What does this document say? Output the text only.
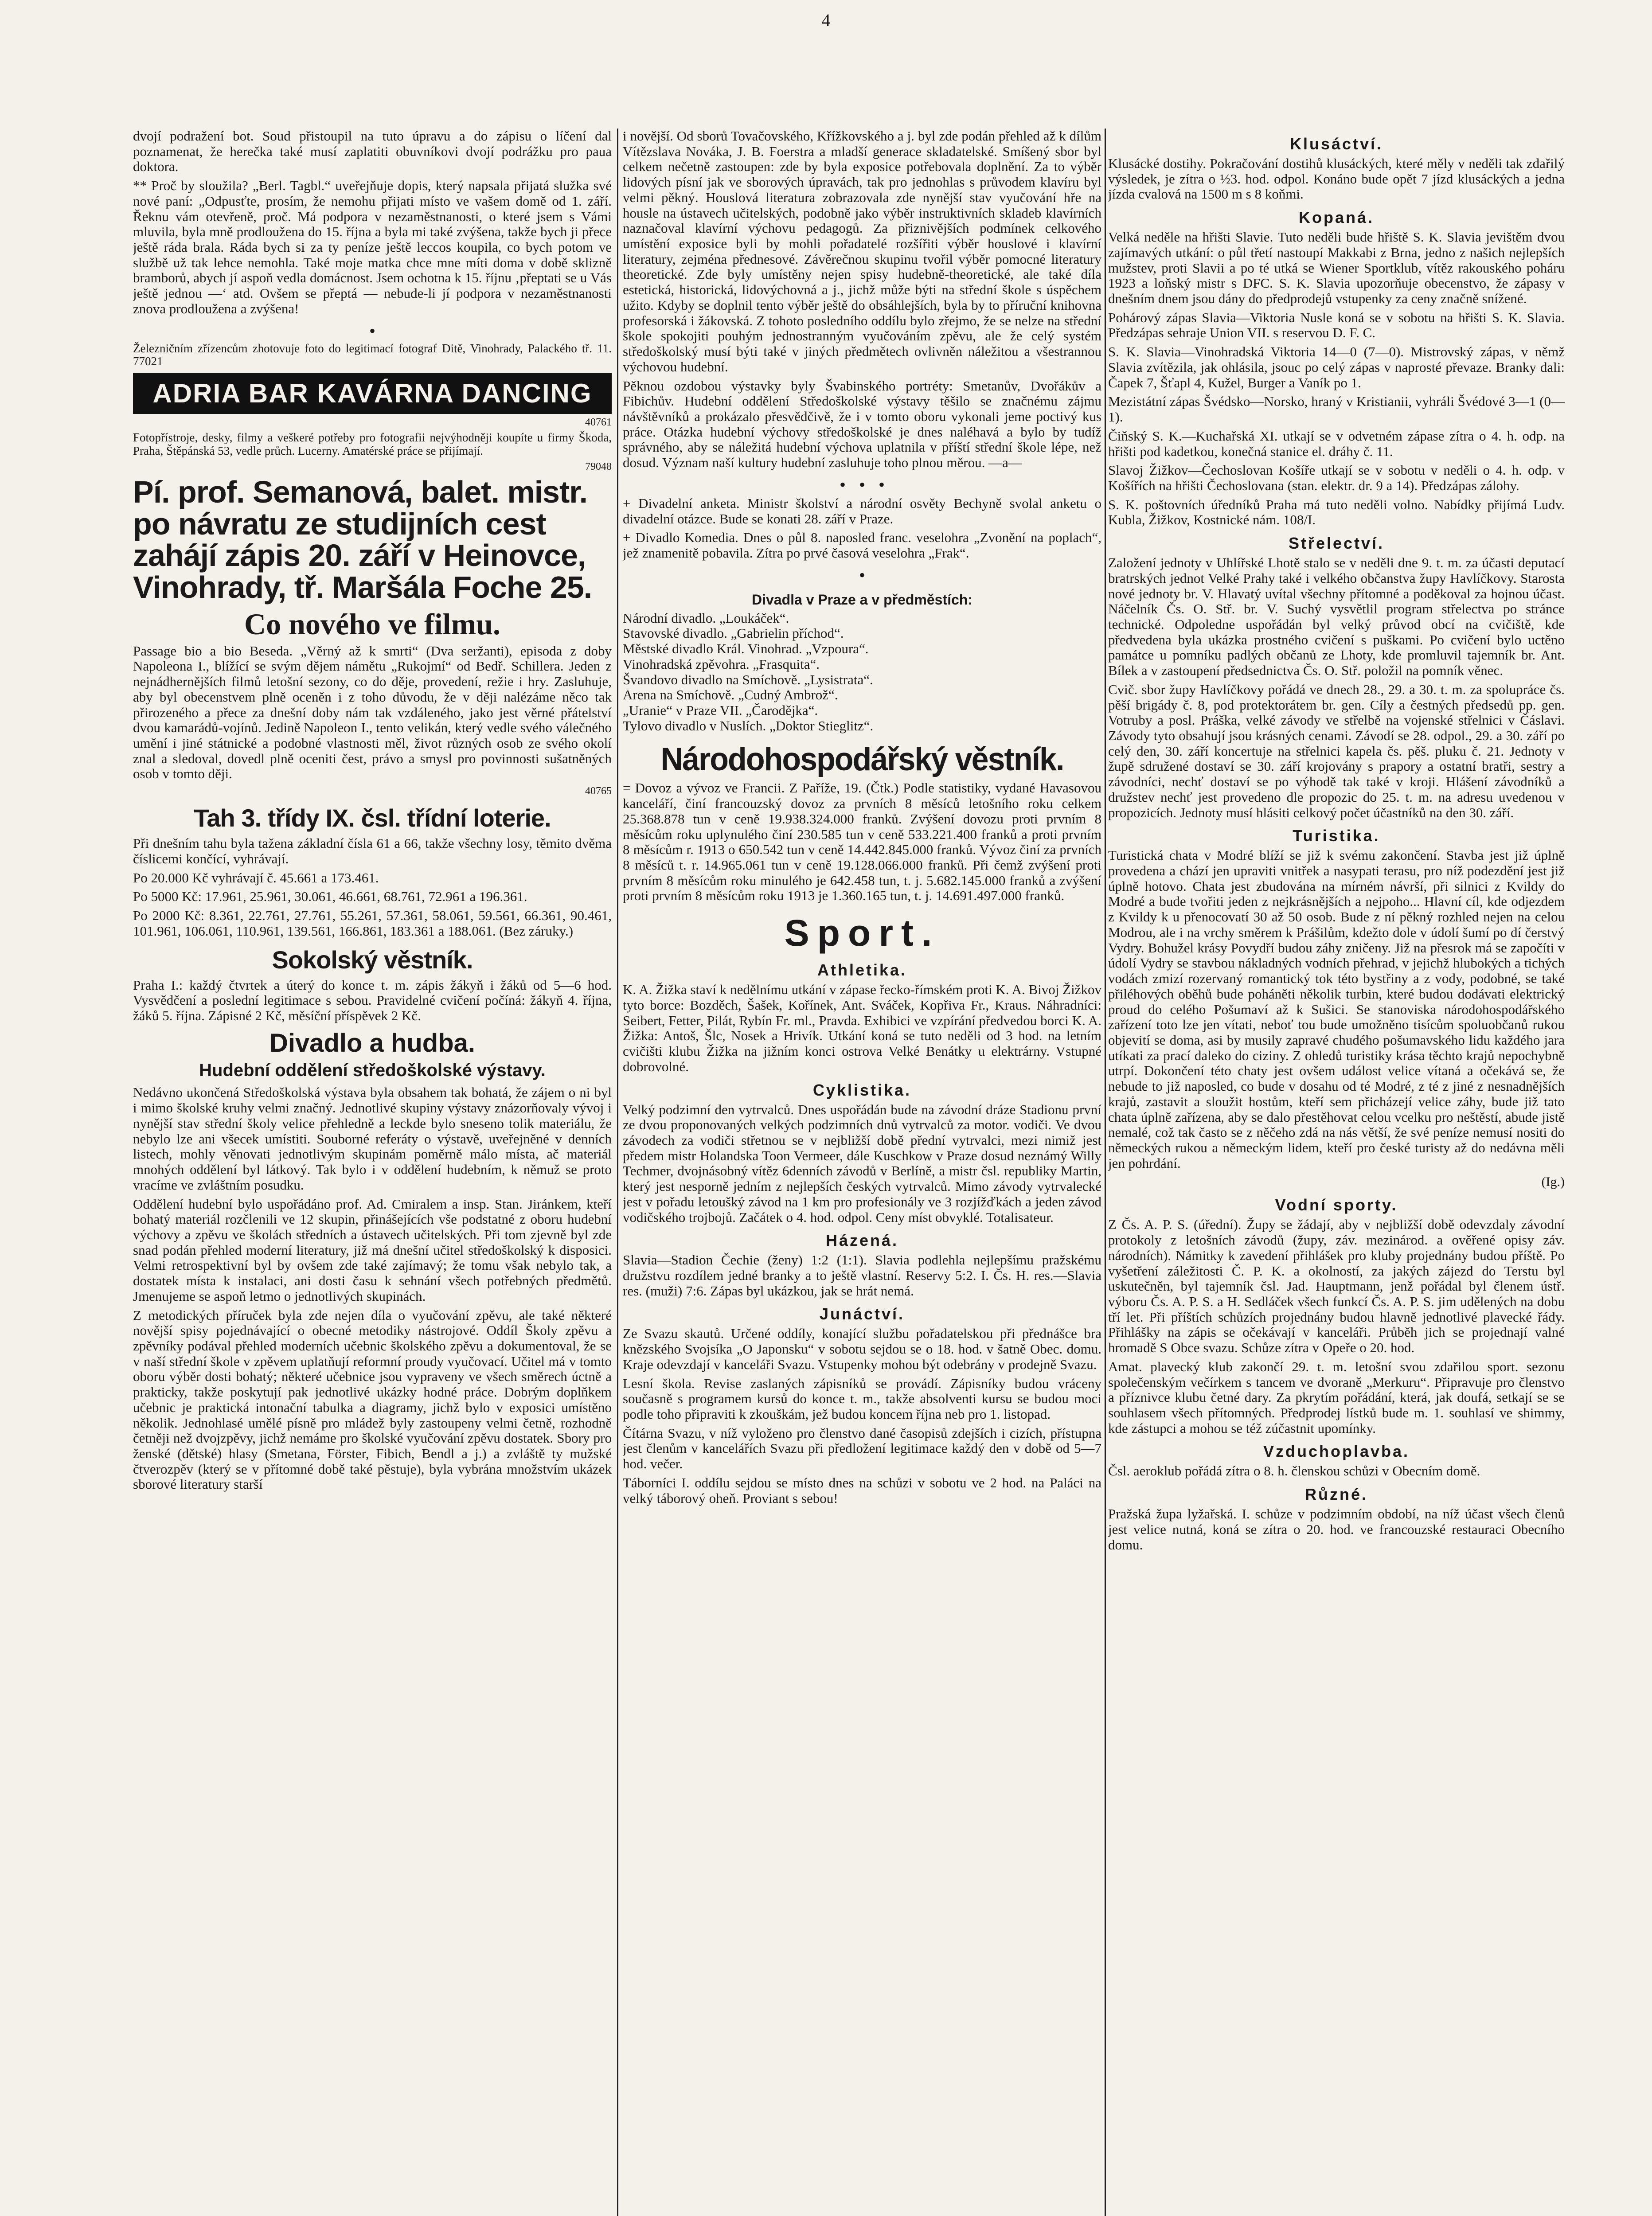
4

dvojí podražení bot. Soud přistoupil na tuto úpravu a do zápisu o líčení dal poznamenat, že herečka také musí zaplatiti obuvníkovi dvojí podrážku pro paua doktora.

** Proč by sloužila? „Berl. Tagbl.“ uveřejňuje dopis, který napsala přijatá služka své nové paní: „Odpusťte, prosím, že nemohu přijati místo ve vašem domě od 1. září. Řeknu vám otevřeně, proč. Má podpora v nezaměstnanosti, o které jsem s Vámi mluvila, byla mně prodloužena do 15. října a byla mi také zvýšena, takže bych ji přece ještě ráda brala. Ráda bych si za ty peníze ještě leccos koupila, co bych potom ve službě už tak lehce nemohla. Také moje matka chce mne míti doma v době sklizně bramborů, abych jí aspoň vedla domácnost. Jsem ochotna k 15. říjnu ‚přeptati se u Vás ještě jednou —‘ atd. Ovšem se přeptá — nebude-li jí podpora v nezaměstnanosti znova prodloužena a zvýšena!

•

Železničním zřízencům zhotovuje foto do legitimací fotograf Ditě, Vinohrady, Palackého tř. 11. 77021

ADRIA BAR KAVÁRNA DANCING
40761

Fotopřístroje, desky, filmy a veškeré potřeby pro fotografii nejvýhodněji koupíte u firmy Škoda, Praha, Štěpánská 53, vedle průch. Lucerny. Amatérské práce se přijímají.

79048
Pí. prof. Semanová, balet. mistr. po návratu ze studijních cest zahájí zápis 20. září v Heinovce, Vinohrady, tř. Maršála Foche 25.
Co nového ve filmu.

Passage bio a bio Beseda. „Věrný až k smrti“ (Dva seržanti), episoda z doby Napoleona I., blížící se svým dějem námětu „Rukojmí“ od Bedř. Schillera. Jeden z nejnádhernějších filmů letošní sezony, co do děje, provedení, režie i hry. Zasluhuje, aby byl obecenstvem plně oceněn i z toho důvodu, že v ději nalézáme něco tak přirozeného a přece za dnešní doby nám tak vzdáleného, jako jest věrné přátelství dvou kamarádů-vojínů. Jedině Napoleon I., tento velikán, který vedle svého válečného umění i jiné státnické a podobné vlastnosti měl, život různých osob ze svého okolí znal a sledoval, dovedl plně oceniti čest, právo a smysl pro povinnosti sušatněných osob v tomto ději.

40765
Tah 3. třídy IX. čsl. třídní loterie.

Při dnešním tahu byla tažena základní čísla 61 a 66, takže všechny losy, těmito dvěma číslicemi končící, vyhrávají.

Po 20.000 Kč vyhrávají č. 45.661 a 173.461.

Po 5000 Kč: 17.961, 25.961, 30.061, 46.661, 68.761, 72.961 a 196.361.

Po 2000 Kč: 8.361, 22.761, 27.761, 55.261, 57.361, 58.061, 59.561, 66.361, 90.461, 101.961, 106.061, 110.961, 139.561, 166.861, 183.361 a 188.061. (Bez záruky.)

Sokolský věstník.

Praha I.: každý čtvrtek a úterý do konce t. m. zápis žákyň i žáků od 5—6 hod. Vysvědčení a poslední legitimace s sebou. Pravidelné cvičení počíná: žákyň 4. října, žáků 5. října. Zápisné 2 Kč, měsíční příspěvek 2 Kč.

Divadlo a hudba.
Hudební oddělení středoškolské výstavy.

Nedávno ukončená Středoškolská výstava byla obsahem tak bohatá, že zájem o ni byl i mimo školské kruhy velmi značný. Jednotlivé skupiny výstavy znázorňovaly vývoj i nynější stav střední školy velice přehledně a leckde bylo sneseno tolik materiálu, že nebylo lze ani všecek umístiti. Souborné referáty o výstavě, uveřejněné v denních listech, mohly věnovati jednotlivým skupinám poměrně málo místa, ač materiál mnohých oddělení byl látkový. Tak bylo i v oddělení hudebním, k němuž se proto vracíme ve zvláštním posudku.

Oddělení hudební bylo uspořádáno prof. Ad. Cmiralem a insp. Stan. Jiránkem, kteří bohatý materiál rozčlenili ve 12 skupin, přinášejících vše podstatné z oboru hudební výchovy a zpěvu ve školách středních a ústavech učitelských. Při tom zjevně byl zde snad podán přehled moderní literatury, již má dnešní učitel středoškolský k disposici. Velmi retrospektivní byl by ovšem zde také zajímavý; že tomu však nebylo tak, a dostatek místa k instalaci, ani dosti času k sehnání všech potřebných předmětů. Jmenujeme se aspoň letmo o jednotlivých skupinách.

Z metodických příruček byla zde nejen díla o vyučování zpěvu, ale také některé novější spisy pojednávající o obecné metodiky nástrojové. Oddíl Školy zpěvu a zpěvníky podával přehled moderních učebnic školského zpěvu a dokumentoval, že se v naší střední škole v zpěvem uplatňují reformní proudy vyučovací. Učitel má v tomto oboru výběr dosti bohatý; některé učebnice jsou vypraveny ve všech směrech úctně a prakticky, takže poskytují pak jednotlivé ukázky hodné práce. Dobrým doplňkem učebnic je praktická intonační tabulka a diagramy, jichž bylo v exposici umístěno několik. Jednohlasé umělé písně pro mládež byly zastoupeny velmi četně, rozhodně četněji než dvojzpěvy, jichž nemáme pro školské vyučování zpěvu dostatek. Sbory pro ženské (dětské) hlasy (Smetana, Förster, Fibich, Bendl a j.) a zvláště ty mužské čtverozpěv (který se v přítomné době také pěstuje), byla vybrána množstvím ukázek sborové literatury starší

i novější. Od sborů Tovačovského, Křížkovského a j. byl zde podán přehled až k dílům Vítězslava Nováka, J. B. Foerstra a mladší generace skladatelské. Smíšený sbor byl celkem nečetně zastoupen: zde by byla exposice potřebovala doplnění. Za to výběr lidových písní jak ve sborových úpravách, tak pro jednohlas s průvodem klavíru byl velmi pěkný. Houslová literatura zobrazovala zde nynější stav vyučování hře na housle na ústavech učitelských, podobně jako výběr instruktivních skladeb klavírních naznačoval klavírní výchovu pedagogů. Za přiznivějších podmínek celkového umístění exposice byli by mohli pořadatelé rozšířiti výběr houslové i klavírní literatury, zejména přednesové. Závěrečnou skupinu tvořil výběr pomocné literatury theoretické. Zde byly umístěny nejen spisy hudebně-theoretické, ale také díla estetická, historická, lidovýchovná a j., jichž může býti na střední škole s úspěchem užito. Kdyby se doplnil tento výběr ještě do obsáhlejších, byla by to příruční knihovna profesorská i žákovská. Z tohoto posledního oddílu bylo zřejmo, že se nelze na střední škole spokojiti pouhým jednostranným vyučováním zpěvu, ale že celý systém středoškolský musí býti také v jiných předmětech ovlivněn náležitou a všestrannou výchovou hudební.

Pěknou ozdobou výstavky byly Švabinského portréty: Smetanův, Dvořákův a Fibichův. Hudební oddělení Středoškolské výstavy těšilo se značnému zájmu návštěvníků a prokázalo přesvědčivě, že i v tomto oboru vykonali jeme poctivý kus práce. Otázka hudební výchovy středoškolské je dnes naléhavá a bylo by tudíž správného, aby se náležitá hudební výchova uplatnila v příští střední škole lépe, než dosud. Význam naší kultury hudební zasluhuje toho plnou měrou. —a—

•   •   •

+ Divadelní anketa. Ministr školství a národní osvěty Bechyně svolal anketu o divadelní otázce. Bude se konati 28. září v Praze.

+ Divadlo Komedia. Dnes o půl 8. naposled franc. veselohra „Zvonění na poplach“, jež znamenitě pobavila. Zítra po prvé časová veselohra „Frak“.

•
Divadla v Praze a v předměstích:

Národní divadlo. „Loukáček“.

Stavovské divadlo. „Gabrielin příchod“.

Městské divadlo Král. Vinohrad. „Vzpoura“.

Vinohradská zpěvohra. „Frasquita“.

Švandovo divadlo na Smíchově. „Lysistrata“.

Arena na Smíchově. „Cudný Ambrož“.

„Uranie“ v Praze VII. „Čarodějka“.

Tylovo divadlo v Nuslích. „Doktor Stieglitz“.

Národohospodářský věstník.

= Dovoz a vývoz ve Francii. Z Paříže, 19. (Čtk.) Podle statistiky, vydané Havasovou kanceláří, činí francouzský dovoz za prvních 8 měsíců letošního roku celkem 25.368.878 tun v ceně 19.938.324.000 franků. Zvýšení dovozu proti prvním 8 měsícům roku uplynulého činí 230.585 tun v ceně 533.221.400 franků a proti prvním 8 měsícům r. 1913 o 650.542 tun v ceně 14.442.845.000 franků. Vývoz činí za prvních 8 měsíců t. r. 14.965.061 tun v ceně 19.128.066.000 franků. Při čemž zvýšení proti prvním 8 měsícům roku minulého je 642.458 tun, t. j. 5.682.145.000 franků a zvýšení proti prvním 8 měsícům roku 1913 je 1.360.165 tun, t. j. 14.691.497.000 franků.

Sport.
Athletika.

K. A. Žižka staví k nedělnímu utkání v zápase řecko-římském proti K. A. Bivoj Žižkov tyto borce: Bozděch, Šašek, Kořínek, Ant. Sváček, Kopřiva Fr., Kraus. Náhradníci: Seibert, Fetter, Pilát, Rybín Fr. ml., Pravda. Exhibici ve vzpírání předvedou borci K. A. Žižka: Antoš, Šlc, Nosek a Hrivík. Utkání koná se tuto neděli od 3 hod. na letním cvičišti klubu Žižka na jižním konci ostrova Velké Benátky u elektrárny. Vstupné dobrovolné.

Cyklistika.

Velký podzimní den vytrvalců. Dnes uspořádán bude na závodní dráze Stadionu první ze dvou proponovaných velkých podzimních dnů vytrvalců za motor. vodiči. Ve dvou závodech za vodiči střetnou se v nejbližší době přední vytrvalci, mezi nimiž jest předem mistr Holandska Toon Vermeer, dále Kuschkow v Praze dosud neznámý Willy Techmer, dvojnásobný vítěz 6denních závodů v Berlíně, a mistr čsl. republiky Martin, který jest nesporně jedním z nejlepších českých vytrvalců. Mimo závody vytrvalecké jest v pořadu letoušký závod na 1 km pro profesionály ve 3 rozjížďkách a jeden závod vodičského trojbojů. Začátek o 4. hod. odpol. Ceny míst obvyklé. Totalisateur.

Házená.

Slavia—Stadion Čechie (ženy) 1:2 (1:1). Slavia podlehla nejlepšímu pražskému družstvu rozdílem jedné branky a to ještě vlastní. Reservy 5:2. I. Čs. H. res.—Slavia res. (muži) 7:6. Zápas byl ukázkou, jak se hrát nemá.

Junáctví.

Ze Svazu skautů. Určené oddíly, konající službu pořadatelskou při přednášce bra knězského Svojsíka „O Japonsku“ v sobotu sejdou se o 18. hod. v šatně Obec. domu. Kraje odevzdají v kanceláři Svazu. Vstupenky mohou být odebrány v prodejně Svazu.

Lesní škola. Revise zaslaných zápisníků se provádí. Zápisníky budou vráceny současně s programem kursů do konce t. m., takže absolventi kursu se budou moci podle toho připraviti k zkouškám, jež budou koncem října neb pro 1. listopad.

Čítárna Svazu, v níž vyloženo pro členstvo dané časopisů zdejších i cizích, přístupna jest členům v kancelářích Svazu při předložení legitimace každý den v době od 5—7 hod. večer.

Táborníci I. oddílu sejdou se místo dnes na schůzi v sobotu ve 2 hod. na Paláci na velký táborový oheň. Proviant s sebou!

Klusáctví.

Klusácké dostihy. Pokračování dostihů klusáckých, které měly v neděli tak zdařilý výsledek, je zítra o ½3. hod. odpol. Konáno bude opět 7 jízd klusáckých a jedna jízda cvalová na 1500 m s 8 koňmi.

Kopaná.

Velká neděle na hřišti Slavie. Tuto neděli bude hřiště S. K. Slavia jevištěm dvou zajímavých utkání: o půl třetí nastoupí Makkabi z Brna, jedno z našich nejlepších mužstev, proti Slavii a po té utká se Wiener Sportklub, vítěz rakouského poháru 1923 a loňský mistr s DFC. S. K. Slavia upozorňuje obecenstvo, že zápasy v dnešním dnem jsou dány do předprodejů vstupenky za ceny značně snížené.

Pohárový zápas Slavia—Viktoria Nusle koná se v sobotu na hřišti S. K. Slavia. Předzápas sehraje Union VII. s reservou D. F. C.

S. K. Slavia—Vinohradská Viktoria 14—0 (7—0). Mistrovský zápas, v němž Slavia zvítězila, jak ohlásila, jsouc po celý zápas v naprosté převaze. Branky dali: Čapek 7, Šťapl 4, Kužel, Burger a Vaník po 1.

Mezistátní zápas Švédsko—Norsko, hraný v Kristianii, vyhráli Švédové 3—1 (0—1).

Čiňský S. K.—Kuchařská XI. utkají se v odvetném zápase zítra o 4. h. odp. na hřišti pod kadetkou, konečná stanice el. dráhy č. 11.

Slavoj Žižkov—Čechoslovan Košíře utkají se v sobotu v neděli o 4. h. odp. v Košířích na hřišti Čechoslovana (stan. elektr. dr. 9 a 14). Předzápas zálohy.

S. K. poštovních úředníků Praha má tuto neděli volno. Nabídky přijímá Ludv. Kubla, Žižkov, Kostnické nám. 108/I.

Střelectví.

Založení jednoty v Uhlířské Lhotě stalo se v neděli dne 9. t. m. za účasti deputací bratrských jednot Velké Prahy také i velkého občanstva župy Havlíčkovy. Starosta nové jednoty br. V. Hlavatý uvítal všechny přítomné a poděkoval za hojnou účast. Náčelník Čs. O. Stř. br. V. Suchý vysvětlil program střelectva po stránce technické. Odpoledne uspořádán byl velký průvod obcí na cvičiště, kde předvedena byla ukázka prostného cvičení s puškami. Po cvičení bylo uctěno památce u pomníku padlých občanů ze Lhoty, kde promluvil tajemník br. Ant. Bílek a v zastoupení předsednictva Čs. O. Stř. položil na pomník věnec.

Cvič. sbor župy Havlíčkovy pořádá ve dnech 28., 29. a 30. t. m. za spolupráce čs. pěší brigády č. 8, pod protektorátem br. gen. Cíly a čestných předsedů pp. gen. Votruby a posl. Práška, velké závody ve střelbě na vojenské střelnici v Čáslavi. Závody tyto obsahují jsou krásných cenami. Závodí se 28. odpol., 29. a 30. září po celý den, 30. září koncertuje na střelnici kapela čs. pěš. pluku č. 21. Jednoty v župě sdružené dostaví se 30. září krojovány s prapory a ostatní bratři, sestry a závodníci, nechť dostaví se po výhodě tak také v kroji. Hlášení závodníků a družstev nechť jest provedeno dle propozic do 25. t. m. na adresu uvedenou v propozicích. Jednoty musí hlásiti celkový počet účastníků na den 30. září.

Turistika.

Turistická chata v Modré blíží se již k svému zakončení. Stavba jest již úplně provedena a chází jen upraviti vnitřek a nasypati terasu, pro níž podezdění jest již úplně hotovo. Chata jest zbudována na mírném návrší, při silnici z Kvildy do Modré a bude tvořiti jeden z nejkrásnějších a nejpoho... Hlavní cíl, kde odjezdem z Kvildy k u přenocovatí 30 až 50 osob. Bude z ní pěkný rozhled nejen na celou Modrou, ale i na vrchy směrem k Prášilům, kdežto dole v údolí šumí po dí čerstvý Vydry. Bohužel krásy Povydří budou záhy zničeny. Již na přesrok má se započíti v údolí Vydry se stavbou nákladných vodních přehrad, v jejichž hlubokých a tichých vodách zmizí rozervaný romantický tok této bystřiny a z vody, podobné, se také přiléhových oběhů bude poháněti několik turbin, které budou dodávati elektrický proud do celého Pošumaví až k Sušici. Se stanoviska národohospodářského zařízení toto lze jen vítati, neboť tou bude umožněno tisícům spoluobčanů rukou objevití se doma, asi by musily zapravé chudého pošumavského lidu každého jara utíkati za prací daleko do ciziny. Z ohledů turistiky krása těchto krajů nepochybně utrpí. Dokončení této chaty jest ovšem událost velice vítaná a očekává se, že nebude to již naposled, co bude v dosahu od té Modré, z té z jiné z nesnadnějších krajů, zastavit a sloužit hostům, kteří sem přicházejí velice záhy, bude již tato chata úplně zařízena, aby se dalo přestěhovat celou vcelku pro neštěstí, abude jistě nemalé, což tak často se z něčeho zdá na nás větší, že své peníze nemusí nositi do německých rukou a německým lidem, kteří pro české turisty až do nedávna měli jen pohrdání.

(Ig.)
Vodní sporty.

Z Čs. A. P. S. (úřední). Župy se žádají, aby v nejbližší době odevzdaly závodní protokoly z letošních závodů (župy, záv. mezinárod. a ověřené opisy záv. národních). Námitky k zavedení přihlášek pro kluby projednány budou příště. Po vyšetření záležitosti Č. P. K. a okolností, za jakých zájezd do Terstu byl uskutečněn, byl tajemník čsl. Jad. Hauptmann, jenž pořádal byl členem ústř. výboru Čs. A. P. S. a H. Sedláček všech funkcí Čs. A. P. S. jim udělených na dobu tří let. Při příštích schůzích projednány budou hlavně jednotlivé plavecké řády. Přihlášky na zápis se očekávají v kanceláři. Průběh jich se projednají valné hromadě S Obce svazu. Schůze zítra v Opeře o 20. hod.

Amat. plavecký klub zakončí 29. t. m. letošní svou zdařilou sport. sezonu společenským večírkem s tancem ve dvoraně „Merkuru“. Připravuje pro členstvo a příznivce klubu četné dary. Za pkrytím pořádání, která, jak doufá, setkají se se souhlasem všech přítomných. Předprodej lístků bude m. 1. souhlasí ve shimmy, kde zástupci a mohou se též zúčastnit upomínky.

Vzduchoplavba.

Čsl. aeroklub pořádá zítra o 8. h. členskou schůzi v Obecním domě.

Různé.

Pražská župa lyžařská. I. schůze v podzimním období, na níž účast všech členů jest velice nutná, koná se zítra o 20. hod. ve francouzské restauraci Obecního domu.
